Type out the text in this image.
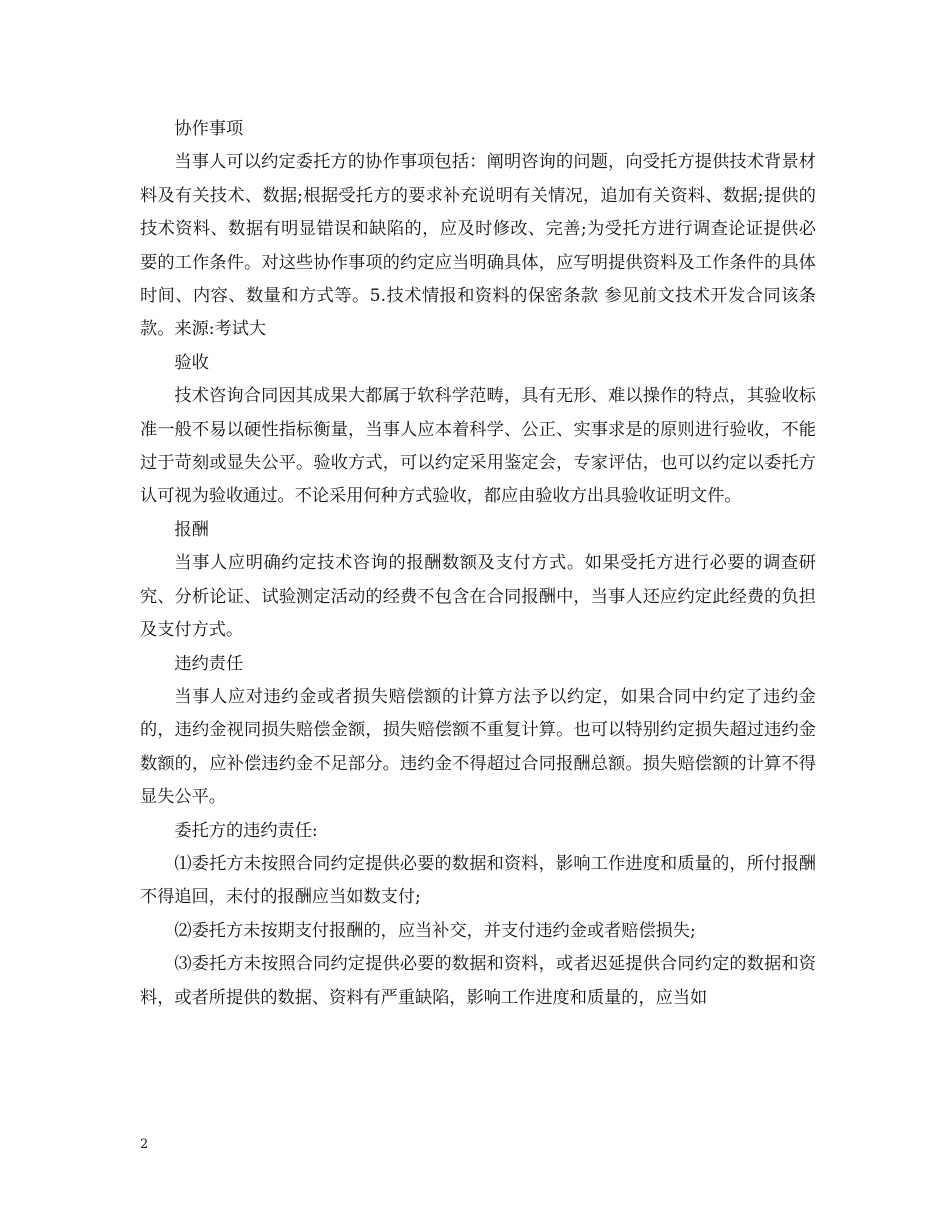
协作事项

当事人可以约定委托方的协作事项包括：阐明咨询的问题，向受托方提供技术背景材料及有关技术、数据;根据受托方的要求补充说明有关情况，追加有关资料、数据;提供的技术资料、数据有明显错误和缺陷的，应及时修改、完善;为受托方进行调查论证提供必要的工作条件。对这些协作事项的约定应当明确具体，应写明提供资料及工作条件的具体时间、内容、数量和方式等。5.技术情报和资料的保密条款 参见前文技术开发合同该条款。来源:考试大

验收

技术咨询合同因其成果大都属于软科学范畴，具有无形、难以操作的特点，其验收标准一般不易以硬性指标衡量，当事人应本着科学、公正、实事求是的原则进行验收，不能过于苛刻或显失公平。验收方式，可以约定采用鉴定会，专家评估，也可以约定以委托方认可视为验收通过。不论采用何种方式验收，都应由验收方出具验收证明文件。

报酬

当事人应明确约定技术咨询的报酬数额及支付方式。如果受托方进行必要的调查研究、分析论证、试验测定活动的经费不包含在合同报酬中，当事人还应约定此经费的负担及支付方式。

违约责任

当事人应对违约金或者损失赔偿额的计算方法予以约定，如果合同中约定了违约金的，违约金视同损失赔偿金额，损失赔偿额不重复计算。也可以特别约定损失超过违约金数额的，应补偿违约金不足部分。违约金不得超过合同报酬总额。损失赔偿额的计算不得显失公平。

委托方的违约责任:

⑴委托方未按照合同约定提供必要的数据和资料，影响工作进度和质量的，所付报酬不得追回，未付的报酬应当如数支付;

⑵委托方未按期支付报酬的，应当补交，并支付违约金或者赔偿损失;

⑶委托方未按照合同约定提供必要的数据和资料，或者迟延提供合同约定的数据和资料，或者所提供的数据、资料有严重缺陷，影响工作进度和质量的，应当如

2
